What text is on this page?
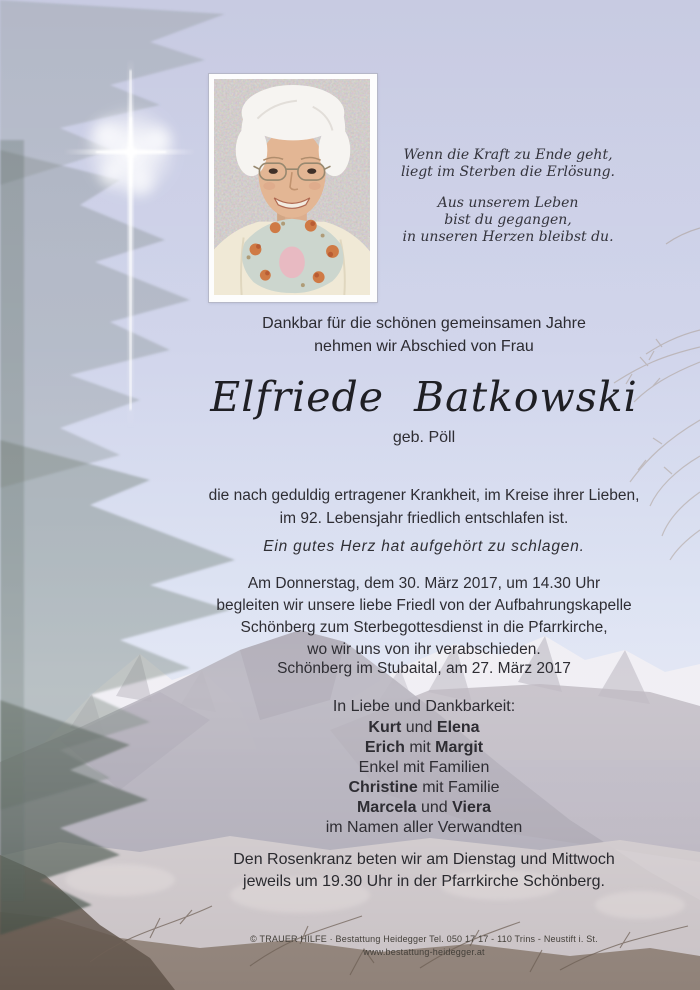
Wenn die Kraft zu Ende geht,
liegt im Sterben die Erlösung.
Aus unserem Leben
bist du gegangen,
in unseren Herzen bleibst du.
Dankbar für die schönen gemeinsamen Jahre
nehmen wir Abschied von Frau
Elfriede Batkowski
geb. Pöll
die nach geduldig ertragener Krankheit, im Kreise ihrer Lieben,
im 92. Lebensjahr friedlich entschlafen ist.
Ein gutes Herz hat aufgehört zu schlagen.
Am Donnerstag, dem 30. März 2017, um 14.30 Uhr
begleiten wir unsere liebe Friedl von der Aufbahrungskapelle
Schönberg zum Sterbegottesdienst in die Pfarrkirche,
wo wir uns von ihr verabschieden.
Schönberg im Stubaital, am 27. März 2017
In Liebe und Dankbarkeit:
Kurt und Elena
Erich mit Margit
Enkel mit Familien
Christine mit Familie
Marcela und Viera
im Namen aller Verwandten
Den Rosenkranz beten wir am Dienstag und Mittwoch
jeweils um 19.30 Uhr in der Pfarrkirche Schönberg.
© TRAUER HILFE · Bestattung Heidegger Tel. 050 17 17 - 110 Trins - Neustift i. St.
www.bestattung-heidegger.at
